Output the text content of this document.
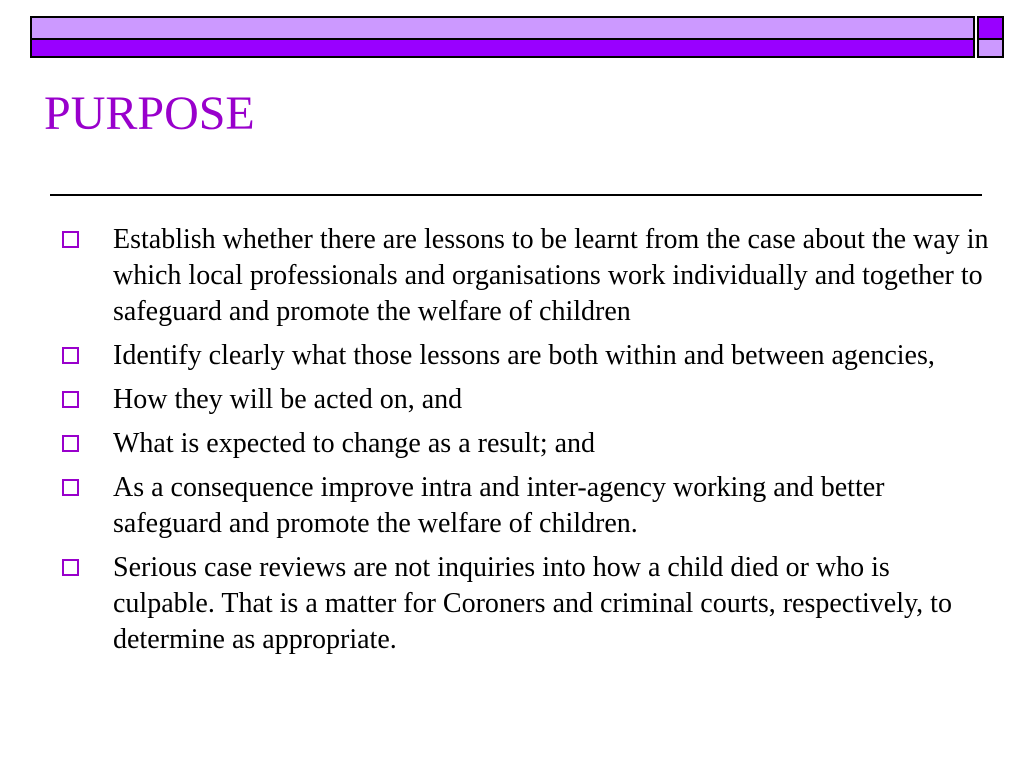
PURPOSE
Establish whether there are lessons to be learnt from the case about the way in which local professionals and organisations work individually and together to safeguard and promote the welfare of children
Identify clearly what those lessons are both within and between agencies,
How they will be acted on, and
What is expected to change as a result; and
As a consequence improve intra and inter-agency working and better safeguard and promote the welfare of children.
Serious case reviews are not inquiries into how a child died or who is culpable. That is a matter for Coroners and criminal courts, respectively, to determine as appropriate.
